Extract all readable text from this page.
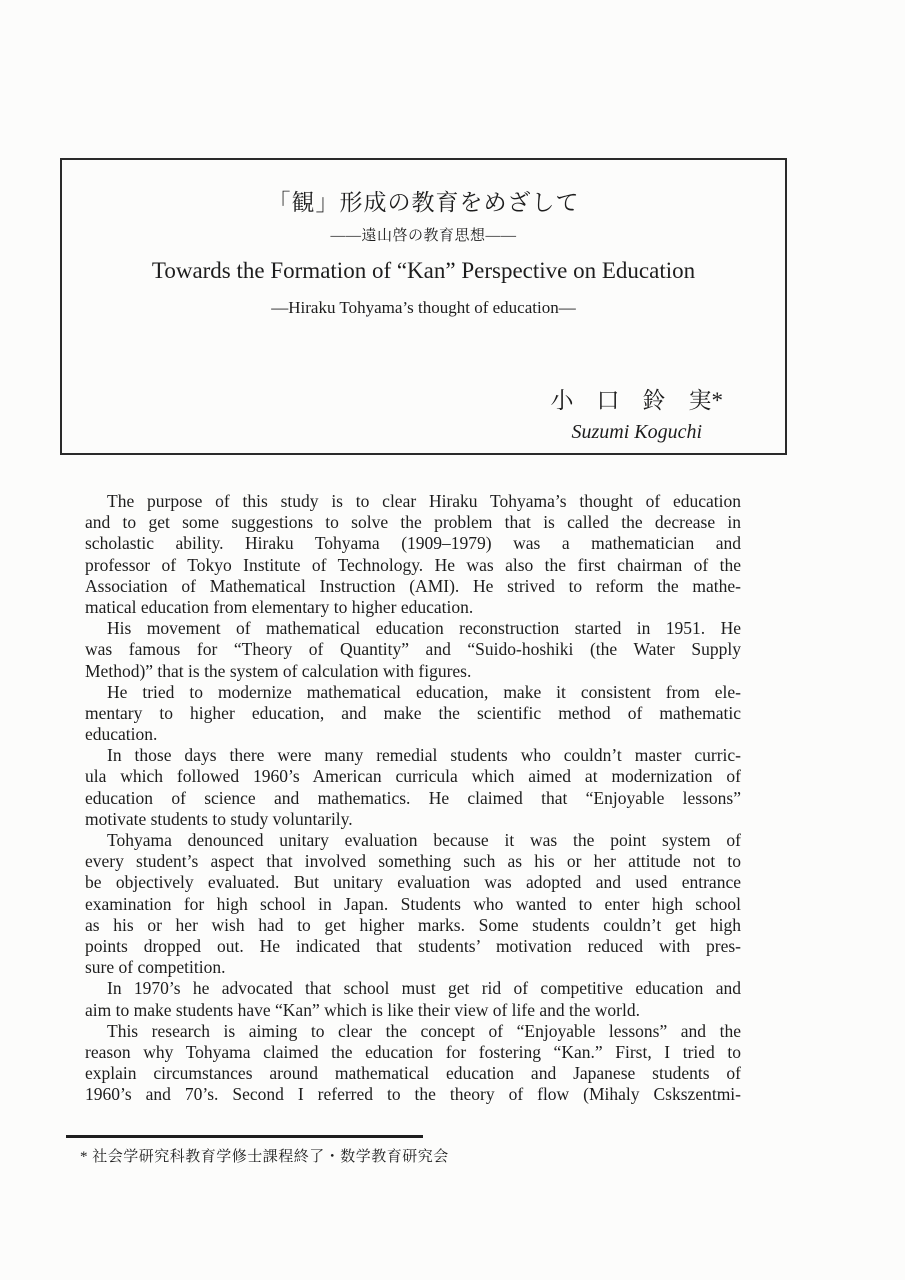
「観」形成の教育をめざして
——遠山啓の教育思想——
Towards the Formation of “Kan” Perspective on Education
—Hiraku Tohyama’s thought of education—
小　口　鈴　実*
Suzumi Koguchi
The purpose of this study is to clear Hiraku Tohyama’s thought of education
and to get some suggestions to solve the problem that is called the decrease in
scholastic ability. Hiraku Tohyama (1909–1979) was a mathematician and
professor of Tokyo Institute of Technology. He was also the first chairman of the
Association of Mathematical Instruction (AMI). He strived to reform the mathe-
matical education from elementary to higher education.
His movement of mathematical education reconstruction started in 1951. He
was famous for “Theory of Quantity” and “Suido-hoshiki (the Water Supply
Method)” that is the system of calculation with figures.
He tried to modernize mathematical education, make it consistent from ele-
mentary to higher education, and make the scientific method of mathematic
education.
In those days there were many remedial students who couldn’t master curric-
ula which followed 1960’s American curricula which aimed at modernization of
education of science and mathematics. He claimed that “Enjoyable lessons”
motivate students to study voluntarily.
Tohyama denounced unitary evaluation because it was the point system of
every student’s aspect that involved something such as his or her attitude not to
be objectively evaluated. But unitary evaluation was adopted and used entrance
examination for high school in Japan. Students who wanted to enter high school
as his or her wish had to get higher marks. Some students couldn’t get high
points dropped out. He indicated that students’ motivation reduced with pres-
sure of competition.
In 1970’s he advocated that school must get rid of competitive education and
aim to make students have “Kan” which is like their view of life and the world.
This research is aiming to clear the concept of “Enjoyable lessons” and the
reason why Tohyama claimed the education for fostering “Kan.” First, I tried to
explain circumstances around mathematical education and Japanese students of
1960’s and 70’s. Second I referred to the theory of flow (Mihaly Cskszentmi-
* 社会学研究科教育学修士課程終了・数学教育研究会
